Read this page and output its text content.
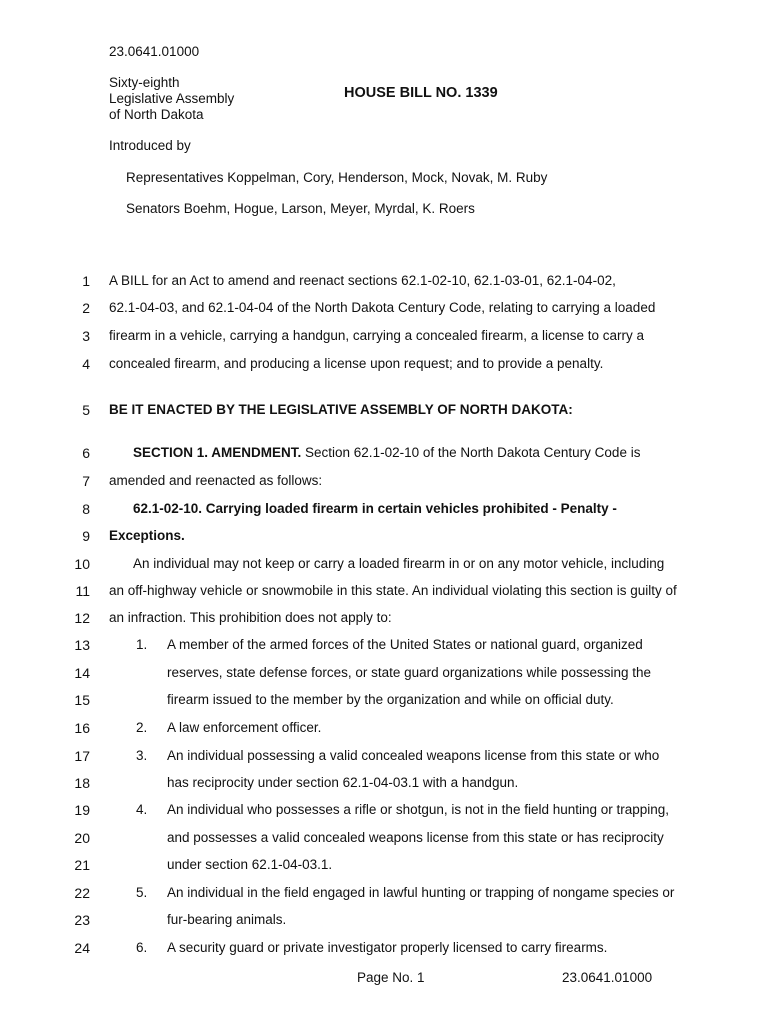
23.0641.01000
Sixty-eighth
Legislative Assembly
of North Dakota
HOUSE BILL NO. 1339
Introduced by
Representatives Koppelman, Cory, Henderson, Mock, Novak, M. Ruby
Senators Boehm, Hogue, Larson, Meyer, Myrdal, K. Roers
1 A BILL for an Act to amend and reenact sections 62.1-02-10, 62.1-03-01, 62.1-04-02,
2 62.1-04-03, and 62.1-04-04 of the North Dakota Century Code, relating to carrying a loaded
3 firearm in a vehicle, carrying a handgun, carrying a concealed firearm, a license to carry a
4 concealed firearm, and producing a license upon request; and to provide a penalty.
5 BE IT ENACTED BY THE LEGISLATIVE ASSEMBLY OF NORTH DAKOTA:
6	SECTION 1. AMENDMENT. Section 62.1-02-10 of the North Dakota Century Code is
7 amended and reenacted as follows:
8	62.1-02-10. Carrying loaded firearm in certain vehicles prohibited - Penalty -
9 Exceptions.
10	An individual may not keep or carry a loaded firearm in or on any motor vehicle, including
11 an off-highway vehicle or snowmobile in this state. An individual violating this section is guilty of
12 an infraction. This prohibition does not apply to:
13	1. A member of the armed forces of the United States or national guard, organized
14	reserves, state defense forces, or state guard organizations while possessing the
15	firearm issued to the member by the organization and while on official duty.
16	2. A law enforcement officer.
17	3. An individual possessing a valid concealed weapons license from this state or who
18	has reciprocity under section 62.1-04-03.1 with a handgun.
19	4. An individual who possesses a rifle or shotgun, is not in the field hunting or trapping,
20	and possesses a valid concealed weapons license from this state or has reciprocity
21	under section 62.1-04-03.1.
22	5. An individual in the field engaged in lawful hunting or trapping of nongame species or
23	fur-bearing animals.
24	6. A security guard or private investigator properly licensed to carry firearms.
Page No. 1	23.0641.01000
